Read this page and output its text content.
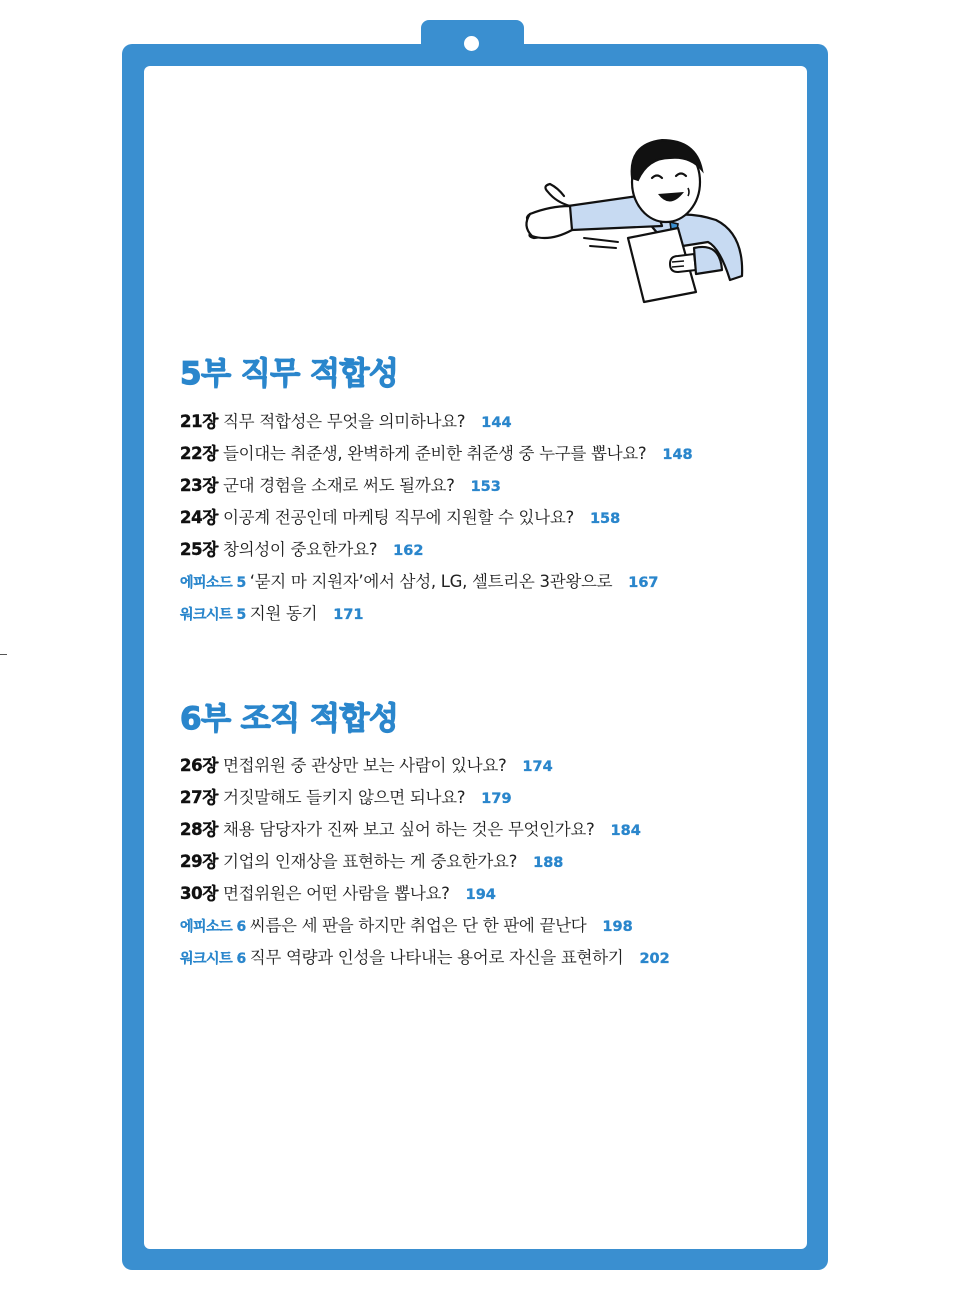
5부 직무 적합성
21장 직무 적합성은 무엇을 의미하나요? 144
22장 들이대는 취준생, 완벽하게 준비한 취준생 중 누구를 뽑나요? 148
23장 군대 경험을 소재로 써도 될까요? 153
24장 이공계 전공인데 마케팅 직무에 지원할 수 있나요? 158
25장 창의성이 중요한가요? 162
에피소드 5 ‘묻지 마 지원자’에서 삼성, LG, 셀트리온 3관왕으로 167
워크시트 5 지원 동기 171
6부 조직 적합성
26장 면접위원 중 관상만 보는 사람이 있나요? 174
27장 거짓말해도 들키지 않으면 되나요? 179
28장 채용 담당자가 진짜 보고 싶어 하는 것은 무엇인가요? 184
29장 기업의 인재상을 표현하는 게 중요한가요? 188
30장 면접위원은 어떤 사람을 뽑나요? 194
에피소드 6 씨름은 세 판을 하지만 취업은 단 한 판에 끝난다 198
워크시트 6 직무 역량과 인성을 나타내는 용어로 자신을 표현하기 202
